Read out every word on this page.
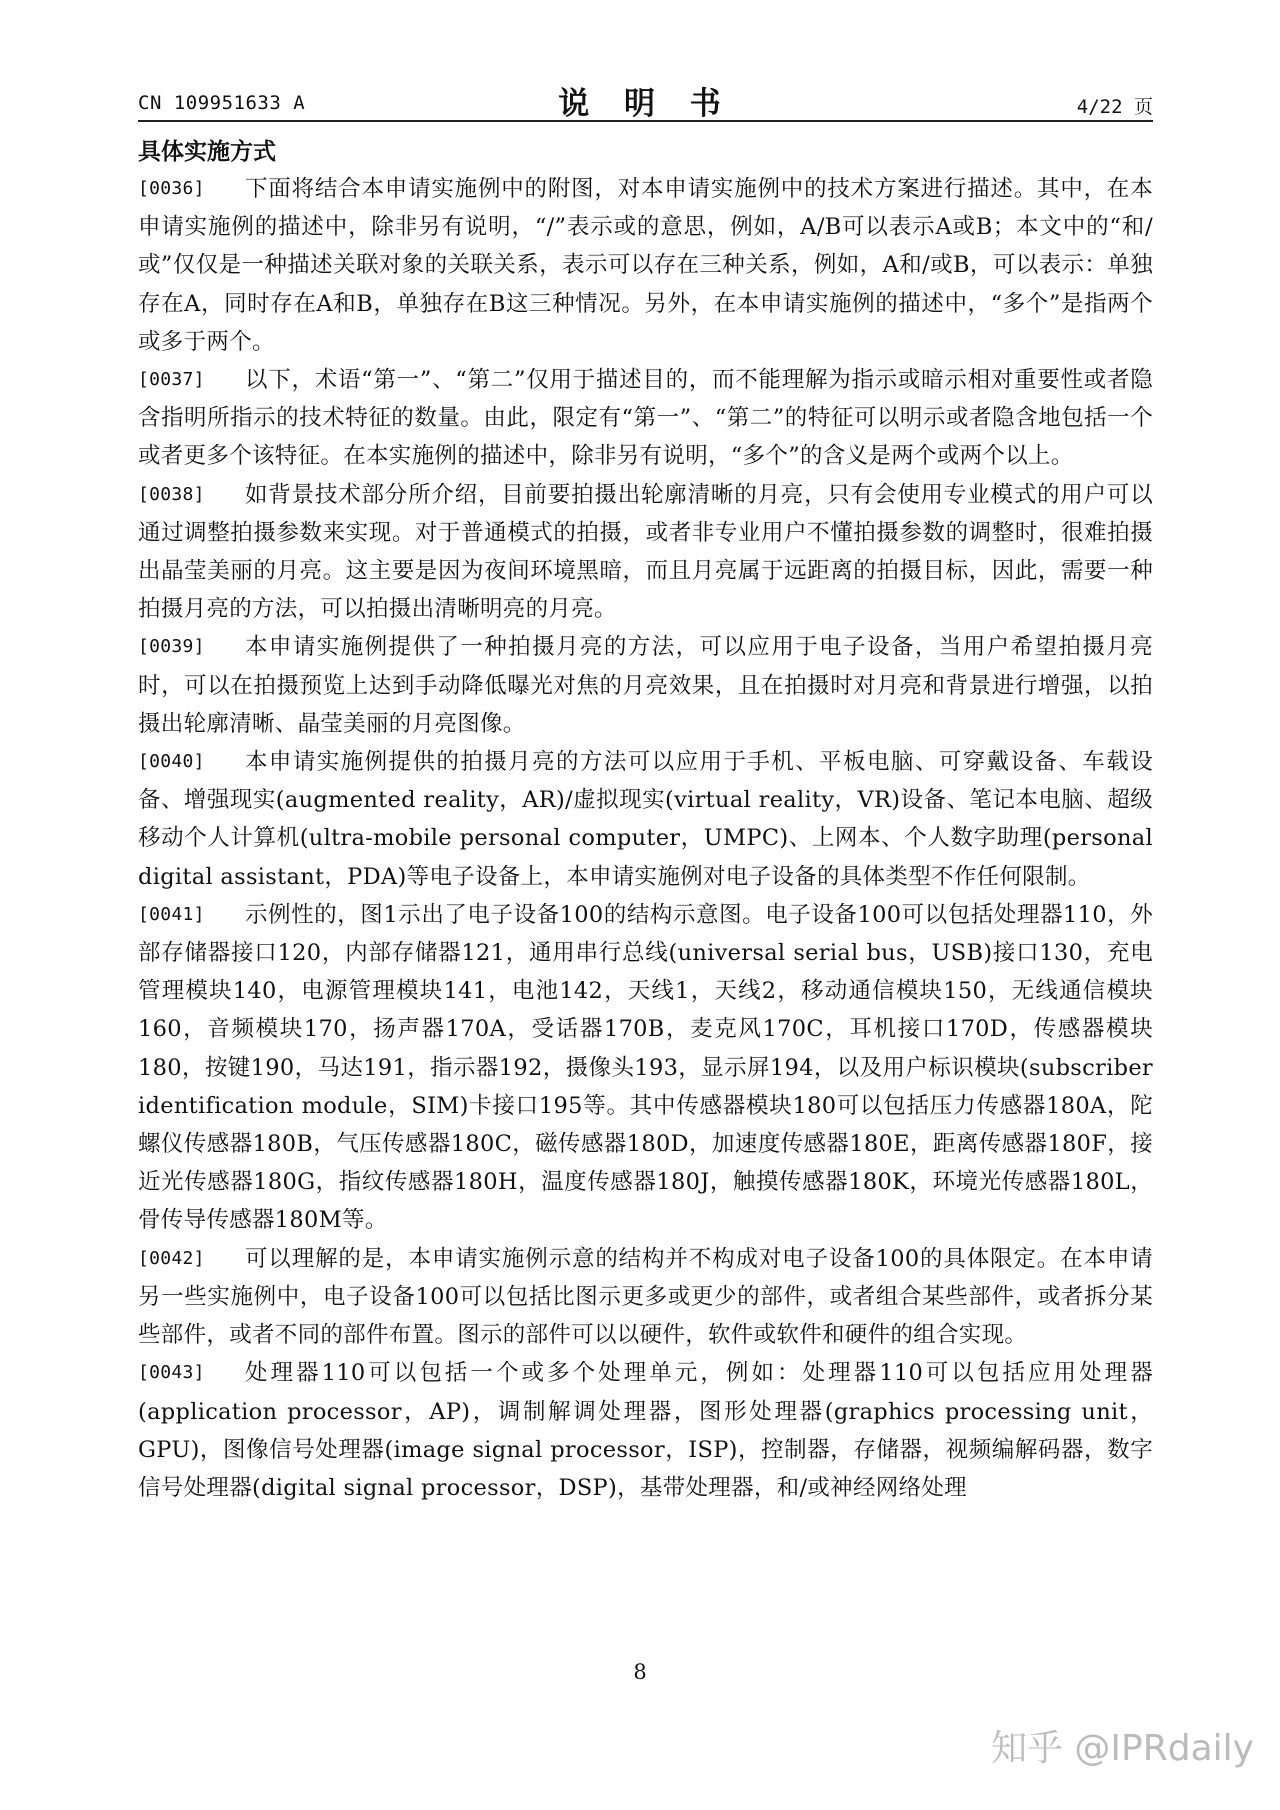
CN 109951633 A	说 明 书	4/22 页
具体实施方式
[0036]	下面将结合本申请实施例中的附图，对本申请实施例中的技术方案进行描述。其中，在本申请实施例的描述中，除非另有说明，“/”表示或的意思，例如，A/B可以表示A或B；本文中的“和/或”仅仅是一种描述关联对象的关联关系，表示可以存在三种关系，例如，A和/或B，可以表示：单独存在A，同时存在A和B，单独存在B这三种情况。另外，在本申请实施例的描述中，“多个”是指两个或多于两个。
[0037]	以下，术语“第一”、“第二”仅用于描述目的，而不能理解为指示或暗示相对重要性或者隐含指明所指示的技术特征的数量。由此，限定有“第一”、“第二”的特征可以明示或者隐含地包括一个或者更多个该特征。在本实施例的描述中，除非另有说明，“多个”的含义是两个或两个以上。
[0038]	如背景技术部分所介绍，目前要拍摄出轮廓清晰的月亮，只有会使用专业模式的用户可以通过调整拍摄参数来实现。对于普通模式的拍摄，或者非专业用户不懂拍摄参数的调整时，很难拍摄出晶莹美丽的月亮。这主要是因为夜间环境黑暗，而且月亮属于远距离的拍摄目标，因此，需要一种拍摄月亮的方法，可以拍摄出清晰明亮的月亮。
[0039]	本申请实施例提供了一种拍摄月亮的方法，可以应用于电子设备，当用户希望拍摄月亮时，可以在拍摄预览上达到手动降低曝光对焦的月亮效果，且在拍摄时对月亮和背景进行增强，以拍摄出轮廓清晰、晶莹美丽的月亮图像。
[0040]	本申请实施例提供的拍摄月亮的方法可以应用于手机、平板电脑、可穿戴设备、车载设备、增强现实(augmented reality，AR)/虚拟现实(virtual reality，VR)设备、笔记本电脑、超级移动个人计算机(ultra-mobile personal computer，UMPC)、上网本、个人数字助理(personal digital assistant，PDA)等电子设备上，本申请实施例对电子设备的具体类型不作任何限制。
[0041]	示例性的，图1示出了电子设备100的结构示意图。电子设备100可以包括处理器110，外部存储器接口120，内部存储器121，通用串行总线(universal serial bus，USB)接口130，充电管理模块140，电源管理模块141，电池142，天线1，天线2，移动通信模块150，无线通信模块160，音频模块170，扬声器170A，受话器170B，麦克风170C，耳机接口170D，传感器模块180，按键190，马达191，指示器192，摄像头193，显示屏194，以及用户标识模块(subscriber identification module，SIM)卡接口195等。其中传感器模块180可以包括压力传感器180A，陀螺仪传感器180B，气压传感器180C，磁传感器180D，加速度传感器180E，距离传感器180F，接近光传感器180G，指纹传感器180H，温度传感器180J，触摸传感器180K，环境光传感器180L，骨传导传感器180M等。
[0042]	可以理解的是，本申请实施例示意的结构并不构成对电子设备100的具体限定。在本申请另一些实施例中，电子设备100可以包括比图示更多或更少的部件，或者组合某些部件，或者拆分某些部件，或者不同的部件布置。图示的部件可以以硬件，软件或软件和硬件的组合实现。
[0043]	处理器110可以包括一个或多个处理单元，例如：处理器110可以包括应用处理器(application processor，AP)，调制解调处理器，图形处理器(graphics processing unit，GPU)，图像信号处理器(image signal processor，ISP)，控制器，存储器，视频编解码器，数字信号处理器(digital signal processor，DSP)，基带处理器，和/或神经网络处理
8
知乎 @IPRdaily
